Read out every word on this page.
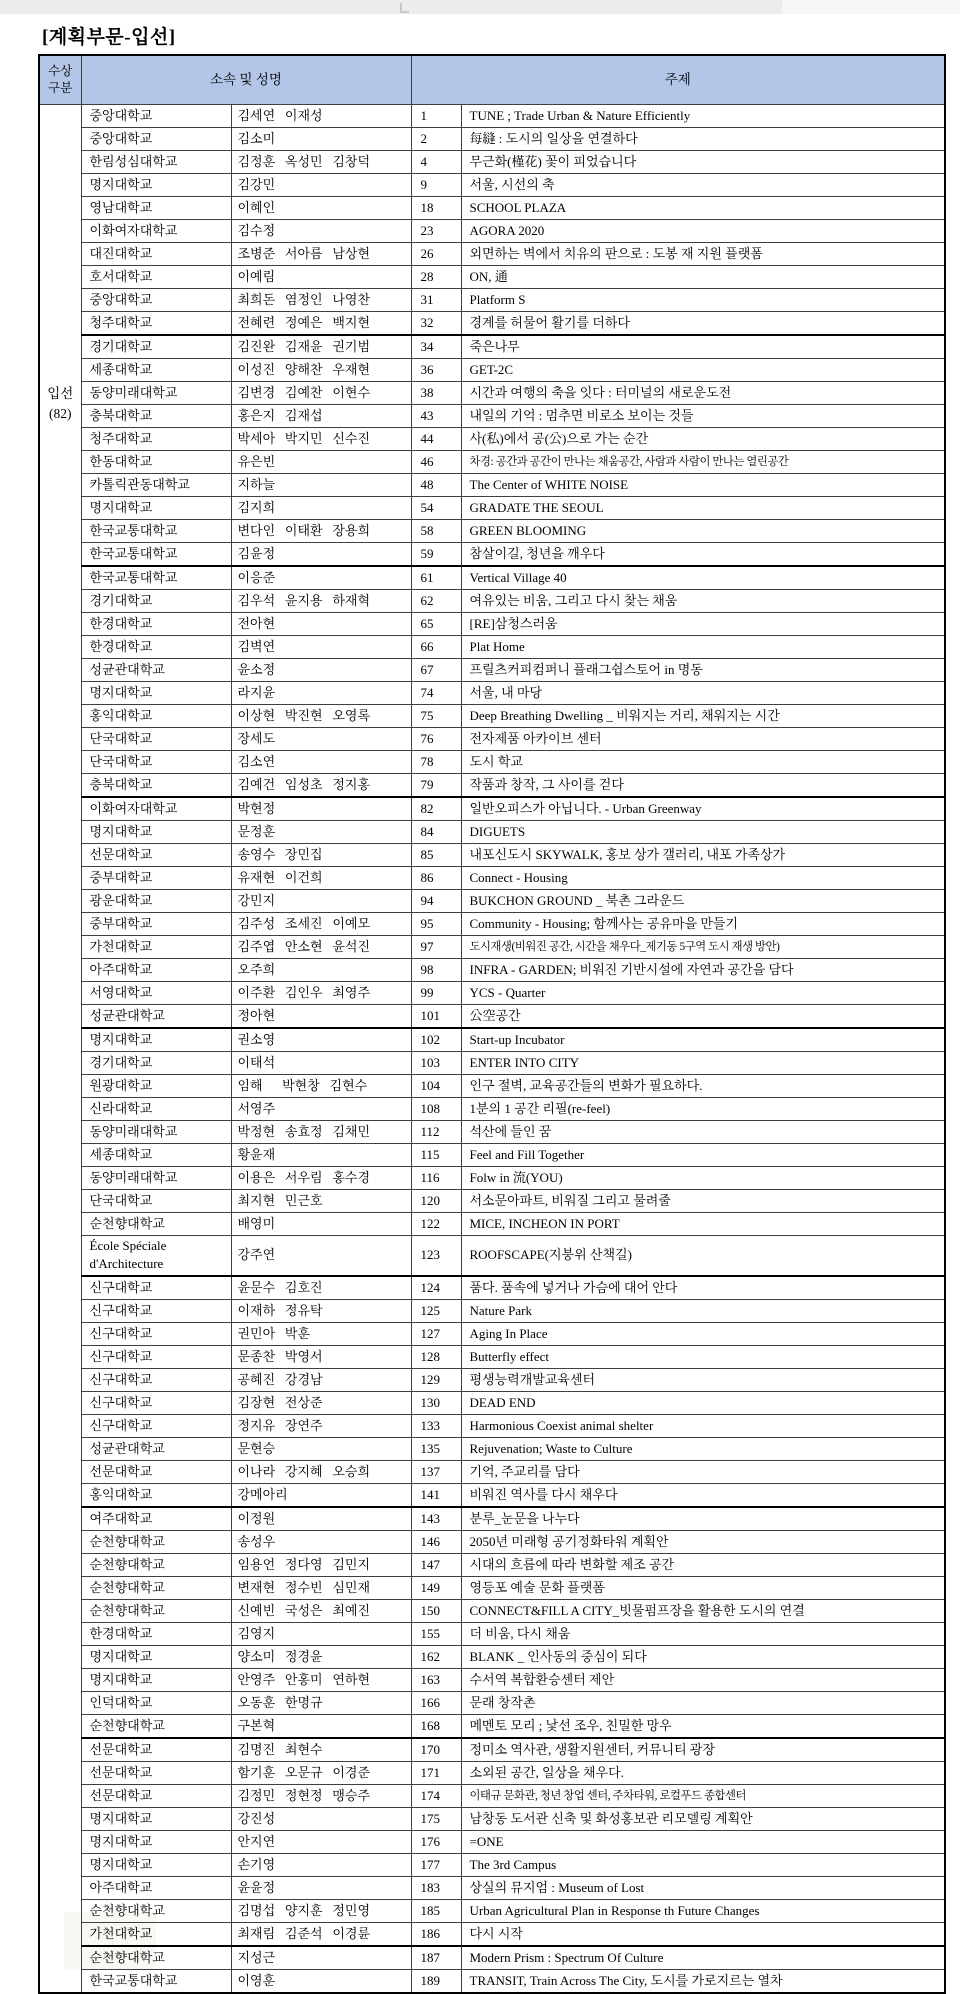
[계획부문-입선]
수상 구분	소속 및 성명		주제	

입선
(82)	중앙대학교	김세연   이재성	1	TUNE ; Trade Urban & Nature Efficiently
	중앙대학교	김소미	2	每縫 : 도시의 일상을 연결하다
	한림성심대학교	김정훈   옥성민   김창덕	4	무근화(槿花) 꽃이 피었습니다
	명지대학교	김강민	9	서울, 시선의 축
	영남대학교	이혜인	18	SCHOOL PLAZA
	이화여자대학교	김수정	23	AGORA 2020
	대진대학교	조병준   서아름   남상현	26	외면하는 벽에서 치유의 판으로 : 도봉 재 지원 플랫폼
	호서대학교	이예림	28	ON, 通
	중앙대학교	최희돈   염정인   나영찬	31	Platform S
	청주대학교	전혜련   정예은   백지현	32	경계를 허물어 활기를 더하다
	경기대학교	김진완   김재윤   권기범	34	죽은나무
	세종대학교	이성진   양해찬   우재현	36	GET-2C
	동양미래대학교	김변경   김예찬   이현수	38	시간과 여행의 축을 잇다 : 터미널의 새로운도전
	충북대학교	홍은지   김재섭	43	내일의 기억 : 멈추면 비로소 보이는 것들
	청주대학교	박세아   박지민   신수진	44	사(私)에서 공(公)으로 가는 순간
	한동대학교	유은빈	46	차경: 공간과 공간이 만나는 채움공간, 사람과 사람이 만나는 열린공간
	카톨릭관동대학교	지하늘	48	The Center of WHITE NOISE
	명지대학교	김지희	54	GRADATE THE SEOUL
	한국교통대학교	변다인   이태환   장용희	58	GREEN BLOOMING
	한국교통대학교	김윤정	59	참살이길, 청년을 깨우다
	한국교통대학교	이응준	61	Vertical Village 40
	경기대학교	김우석   윤지용   하재혁	62	여유있는 비움, 그리고 다시 찾는 채움
	한경대학교	전아현	65	[RE]삼청스러움
	한경대학교	김벽연	66	Plat Home
	성균관대학교	윤소정	67	프릴츠커피컴퍼니 플래그쉽스토어 in 명동
	명지대학교	라지윤	74	서울, 내 마당
	홍익대학교	이상현   박진현   오영록	75	Deep Breathing Dwelling _ 비워지는 거리, 채워지는 시간
	단국대학교	장세도	76	전자제품 아카이브 센터
	단국대학교	김소연	78	도시 학교
	충북대학교	김예건   임성초   정지홍	79	작품과 창작, 그 사이를 걷다
	이화여자대학교	박현정	82	일반오피스가 아닙니다. - Urban Greenway
	명지대학교	문정훈	84	DIGUETS
	선문대학교	송영수   장민집	85	내포신도시 SKYWALK, 홍보 상가 갤러리, 내포 가족상가
	중부대학교	유재현   이건희	86	Connect - Housing
	광운대학교	강민지	94	BUKCHON GROUND _ 북촌 그라운드
	중부대학교	김주성   조세진   이예모	95	Community - Housing; 함께사는 공유마을 만들기
	가천대학교	김주엽   안소현   윤석진	97	도시재생(비워진 공간, 시간을 채우다_제기동 5구역 도시 재생 방안)
	아주대학교	오주희	98	INFRA - GARDEN; 비워진 기반시설에 자연과 공간을 담다
	서영대학교	이주환   김인우   최영주	99	YCS - Quarter
	성균관대학교	정아현	101	公空공간
	명지대학교	권소영	102	Start-up Incubator
	경기대학교	이태석	103	ENTER INTO CITY
	원광대학교	임해      박현창   김현수	104	인구 절벽, 교육공간들의 변화가 필요하다.
	신라대학교	서영주	108	1분의 1 공간 리필(re-feel)
	동양미래대학교	박정현   송효정   김채민	112	석산에 들인 꿈
	세종대학교	황윤재	115	Feel and Fill Together
	동양미래대학교	이용은   서우림   홍수경	116	Folw in 流(YOU)
	단국대학교	최지현   민근호	120	서소문아파트, 비워질 그리고 물려줄
	순천향대학교	배영미	122	MICE, INCHEON IN PORT
	École Spéciale d'Architecture	강주연	123	ROOFSCAPE(지붕위 산책길)
	신구대학교	윤문수   김호진	124	품다. 품속에 넣거나 가슴에 대어 안다
	신구대학교	이재하   정유탁	125	Nature Park
	신구대학교	권민아   박훈	127	Aging In Place
	신구대학교	문종찬   박영서	128	Butterfly effect
	신구대학교	공혜진   강경남	129	평생능력개발교육센터
	신구대학교	김장현   전상준	130	DEAD END
	신구대학교	정지유   장연주	133	Harmonious Coexist animal shelter
	성균관대학교	문현승	135	Rejuvenation; Waste to Culture
	선문대학교	이나라   강지혜   오승희	137	기억, 주교리를 담다
	홍익대학교	강메아리	141	비워진 역사를 다시 채우다
	여주대학교	이정원	143	분루_눈문을 나누다
	순천향대학교	송성우	146	2050년 미래형 공기정화타워 계획안
	순천향대학교	임용언   정다영   김민지	147	시대의 흐름에 따라 변화할 제조 공간
	순천향대학교	변재현   정수빈   심민재	149	영등포 예술 문화 플랫폼
	순천향대학교	신예빈   국성은   최예진	150	CONNECT&FILL A CITY_빗물펌프장을 활용한 도시의 연결
	한경대학교	김영지	155	더 비움, 다시 채움
	명지대학교	양소미   정경윤	162	BLANK _ 인사동의 중심이 되다
	명지대학교	안영주   안홍미   연하현	163	수서역 복합환승센터 제안
	인덕대학교	오동훈   한명규	166	문래 창작촌
	순천향대학교	구본혁	168	메멘토 모리 ; 낯선 조우, 친밀한 망우
	선문대학교	김명진   최현수	170	정미소 역사관, 생활지원센터, 커뮤니티 광장
	선문대학교	함기훈   오문규   이경준	171	소외된 공간, 일상을 채우다.
	선문대학교	김정민   정현정   맹승주	174	이태규 문화관, 청년 창업 센터, 주차타워, 로컬푸드 종합센터
	명지대학교	강진성	175	남창동 도서관 신축 및 화성홍보관 리모델링 계획안
	명지대학교	안지연	176	=ONE
	명지대학교	손기영	177	The 3rd Campus
	아주대학교	윤윤정	183	상실의 뮤지엄 : Museum of Lost
	순천향대학교	김명섭   양지훈   정민영	185	Urban Agricultural Plan in Response th Future Changes
	가천대학교	최재림   김준석   이경륜	186	다시 시작
	순천향대학교	지성근	187	Modern Prism : Spectrum Of Culture
	한국교통대학교	이영훈	189	TRANSIT, Train Across The City, 도시를 가로지르는 열차
